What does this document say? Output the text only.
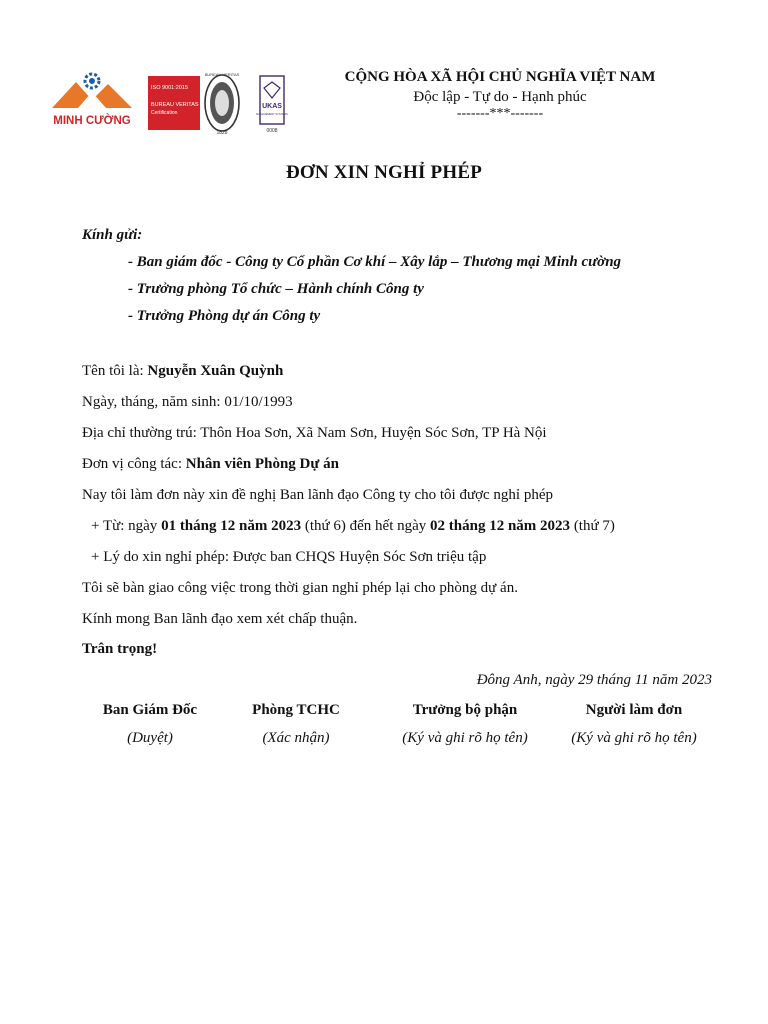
MINH CƯỜNG
ISO 9001:2015
BUREAU VERITAS
Certification
BUREAU VERITAS
1828
UKAS
MANAGEMENT SYSTEMS
0008
CỘNG HÒA XÃ HỘI CHỦ NGHĨA VIỆT NAM
Độc lập - Tự do - Hạnh phúc
-------***-------
ĐƠN XIN NGHỈ PHÉP
Kính gửi:
- Ban giám đốc - Công ty Cổ phần Cơ khí – Xây lắp – Thương mại Minh cường
- Trưởng phòng Tổ chức – Hành chính Công ty
- Trưởng Phòng dự án Công ty
Tên tôi là: Nguyễn Xuân Quỳnh
Ngày, tháng, năm sinh: 01/10/1993
Địa chỉ thường trú: Thôn Hoa Sơn, Xã Nam Sơn, Huyện Sóc Sơn, TP Hà Nội
Đơn vị công tác: Nhân viên Phòng Dự án
Nay tôi làm đơn này xin đề nghị Ban lãnh đạo Công ty cho tôi được nghỉ phép
+ Từ: ngày 01 tháng 12 năm 2023 (thứ 6) đến hết ngày 02 tháng 12 năm 2023 (thứ 7)
+ Lý do xin nghỉ phép: Được ban CHQS Huyện Sóc Sơn triệu tập
Tôi sẽ bàn giao công việc trong thời gian nghỉ phép lại cho phòng dự án.
Kính mong Ban lãnh đạo xem xét chấp thuận.
Trân trọng!
Đông Anh, ngày 29 tháng 11 năm 2023
Ban Giám Đốc
(Duyệt)
Phòng TCHC
(Xác nhận)
Trưởng bộ phận
(Ký và ghi rõ họ tên)
Người làm đơn
(Ký và ghi rõ họ tên)
